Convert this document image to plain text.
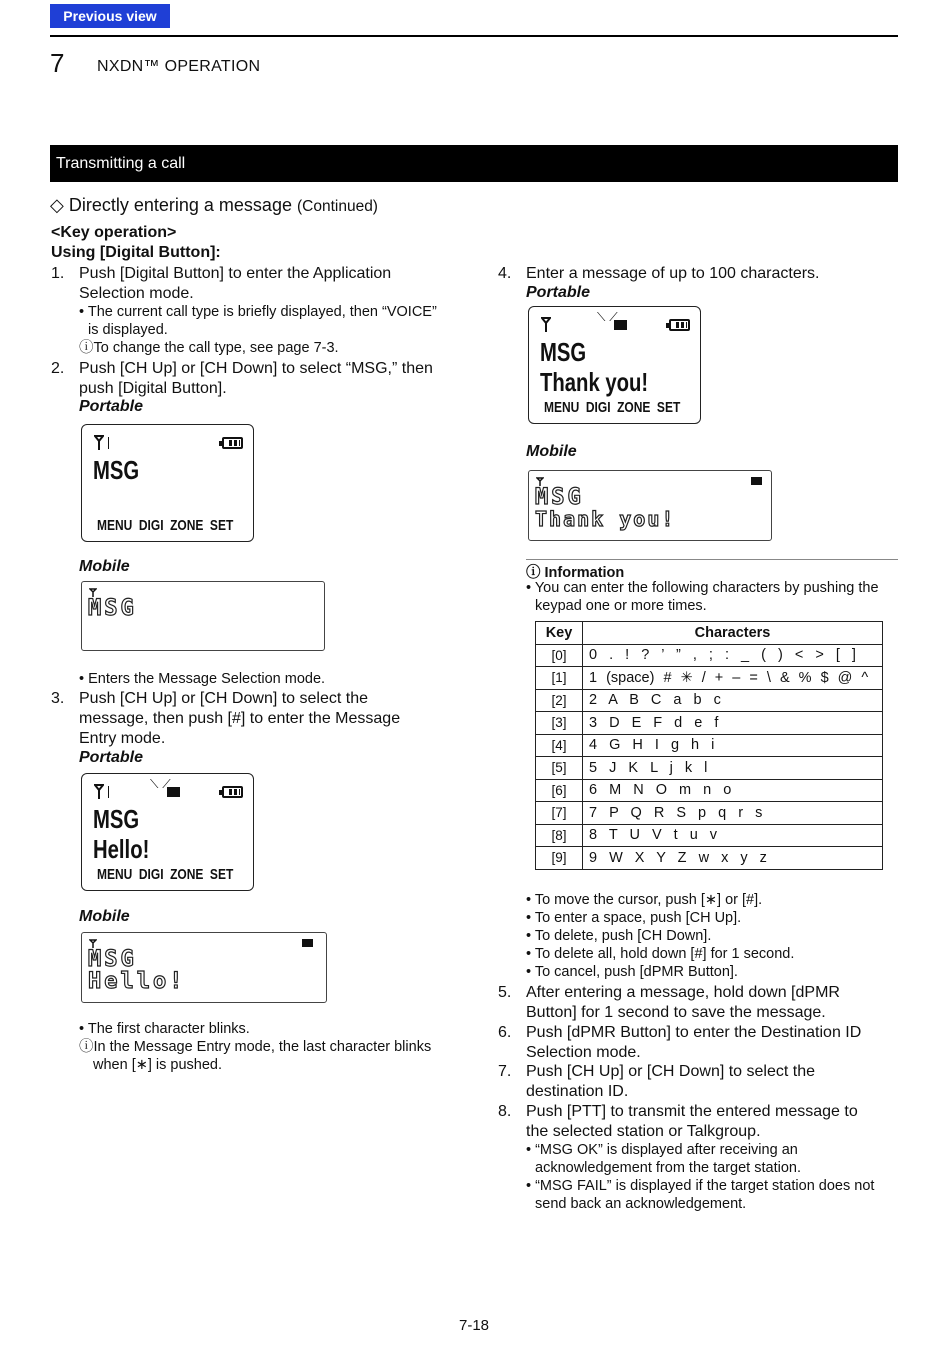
Previous view
7 NXDN™ OPERATION
Transmitting a call
◇ Directly entering a message (Continued)
<Key operation>
Using [Digital Button]:
1. Push [Digital Button] to enter the Application
Selection mode.
• The current call type is briefly displayed, then “VOICE”
is displayed.
ⓘTo change the call type, see page 7-3.
2. Push [CH Up] or [CH Down] to select “MSG,” then
push [Digital Button].
Portable
MSG
MENU DIGI ZONE SET
Mobile
MSG
• Enters the Message Selection mode.
3. Push [CH Up] or [CH Down] to select the
message, then push [#] to enter the Message
Entry mode.
Portable
⟍ ⟋
MSG
Hello!
MENU DIGI ZONE SET
Mobile
MSG
Hello!
• The first character blinks.
ⓘIn the Message Entry mode, the last character blinks
when [∗] is pushed.
4. Enter a message of up to 100 characters.
Portable
⟍ ⟋
MSG
Thank you!
MENU DIGI ZONE SET
Mobile
MSG
Thank you!
ⓘ Information
• You can enter the following characters by pushing the
keypad one or more times.
Key	Characters
[0]	0 . ! ? ’ ” , ; : _ ( ) < > [ ]
[1]	1 (space) # ✳ / + – = \ & % $ @ ^
[2]	2 A B C a b c
[3]	3 D E F d e f
[4]	4 G H I g h i
[5]	5 J K L j k l
[6]	6 M N O m n o
[7]	7 P Q R S p q r s
[8]	8 T U V t u v
[9]	9 W X Y Z w x y z
• To move the cursor, push [∗] or [#].
• To enter a space, push [CH Up].
• To delete, push [CH Down].
• To delete all, hold down [#] for 1 second.
• To cancel, push [dPMR Button].
5. After entering a message, hold down [dPMR
Button] for 1 second to save the message.
6. Push [dPMR Button] to enter the Destination ID
Selection mode.
7. Push [CH Up] or [CH Down] to select the
destination ID.
8. Push [PTT] to transmit the entered message to
the selected station or Talkgroup.
• “MSG OK” is displayed after receiving an
acknowledgement from the target station.
• “MSG FAIL” is displayed if the target station does not
send back an acknowledgement.
7-18
